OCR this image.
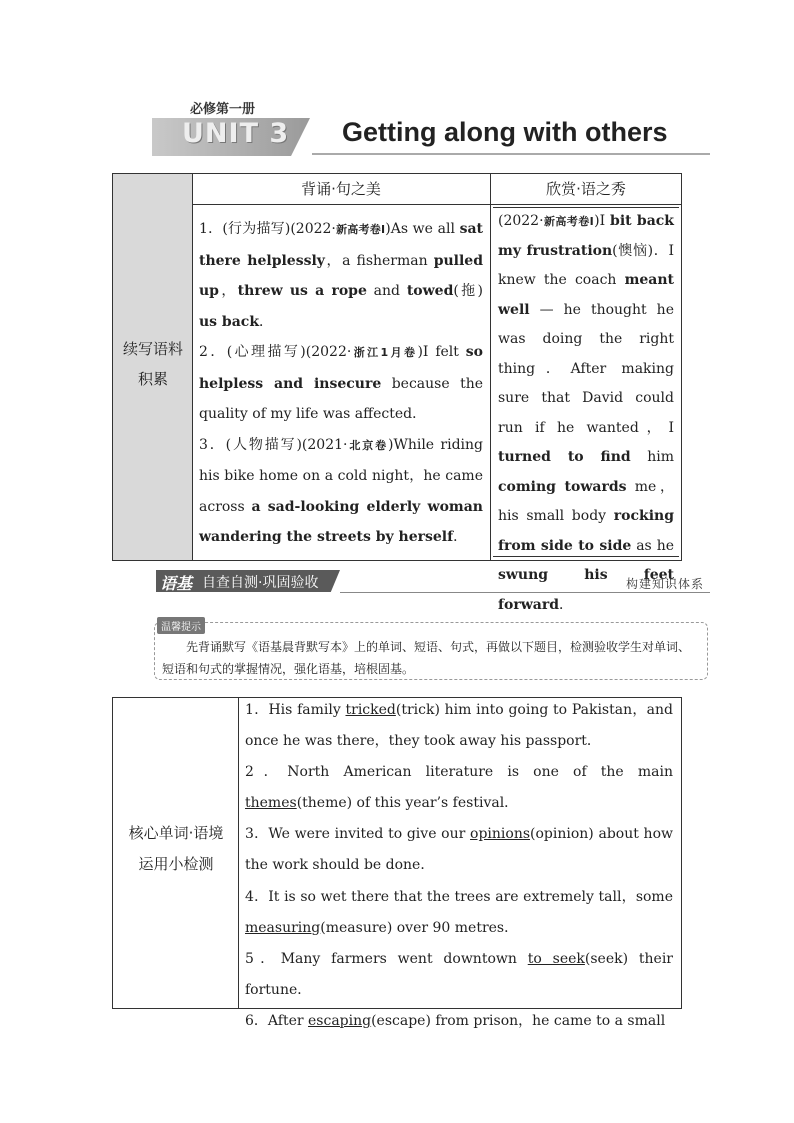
必修第一册
UNIT 3 Getting along with others
续写语料
积累
背诵·句之美	欣赏·语之秀
1．(行为描写)(2022·新高考卷Ⅰ)As we all sat there helplessly，a fisherman pulled up，threw us a rope and towed(拖) us back．
2．(心理描写)(2022·浙江1月卷)I felt so helpless and insecure because the quality of my life was affected．
3．(人物描写)(2021·北京卷)While riding his bike home on a cold night，he came across a sad-looking elderly woman wandering the streets by herself．
(2022·新高考卷Ⅰ)I bit back my frustration(懊恼)．I knew the coach meant well — he thought he was doing the right thing．After making sure that David could run if he wanted，I turned to find him coming towards me，his small body rocking from side to side as he swung his feet forward．
语基 自查自测·巩固验收	构建知识体系
温馨提示
先背诵默写《语基晨背默写本》上的单词、短语、句式，再做以下题目，检测验收学生对单词、短语和句式的掌握情况，强化语基，培根固基。
核心单词·语境
运用小检测
1．His family tricked(trick) him into going to Pakistan，and once he was there，they took away his passport．
2．North American literature is one of the main themes(theme) of this year’s festival．
3．We were invited to give our opinions(opinion) about how the work should be done．
4．It is so wet there that the trees are extremely tall，some measuring(measure) over 90 metres．
5．Many farmers went downtown to seek(seek) their fortune．
6．After escaping(escape) from prison，he came to a small
